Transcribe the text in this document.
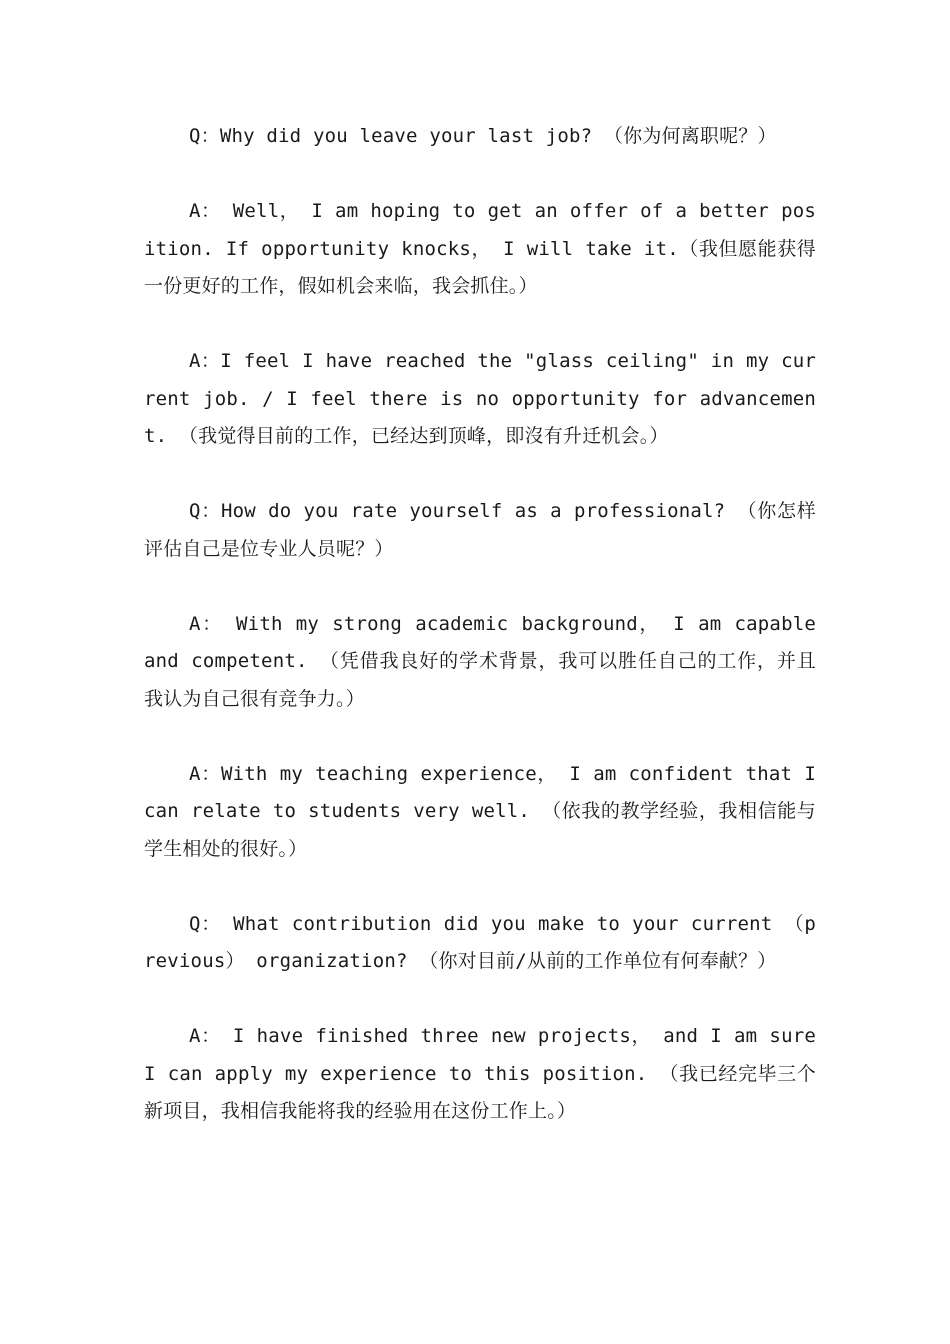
Q：Why did you leave your last job? （你为何离职呢？）

A： Well， I am hoping to get an offer of a better position. If opportunity knocks， I will take it.（我但愿能获得一份更好的工作，假如机会来临，我会抓住。）

A：I feel I have reached the "glass ceiling" in my current job. / I feel there is no opportunity for advancement. （我觉得目前的工作，已经达到顶峰，即沒有升迁机会。）

Q：How do you rate yourself as a professional? （你怎样评估自己是位专业人员呢？）

A： With my strong academic background， I am capable and competent. （凭借我良好的学术背景，我可以胜任自己的工作，并且我认为自己很有竞争力。）

A：With my teaching experience， I am confident that I can relate to students very well. （依我的教学经验，我相信能与学生相处的很好。）

Q： What contribution did you make to your current （previous） organization? （你对目前/从前的工作单位有何奉献？）

A： I have finished three new projects， and I am sure I can apply my experience to this position. （我已经完毕三个新项目，我相信我能将我的经验用在这份工作上。）
